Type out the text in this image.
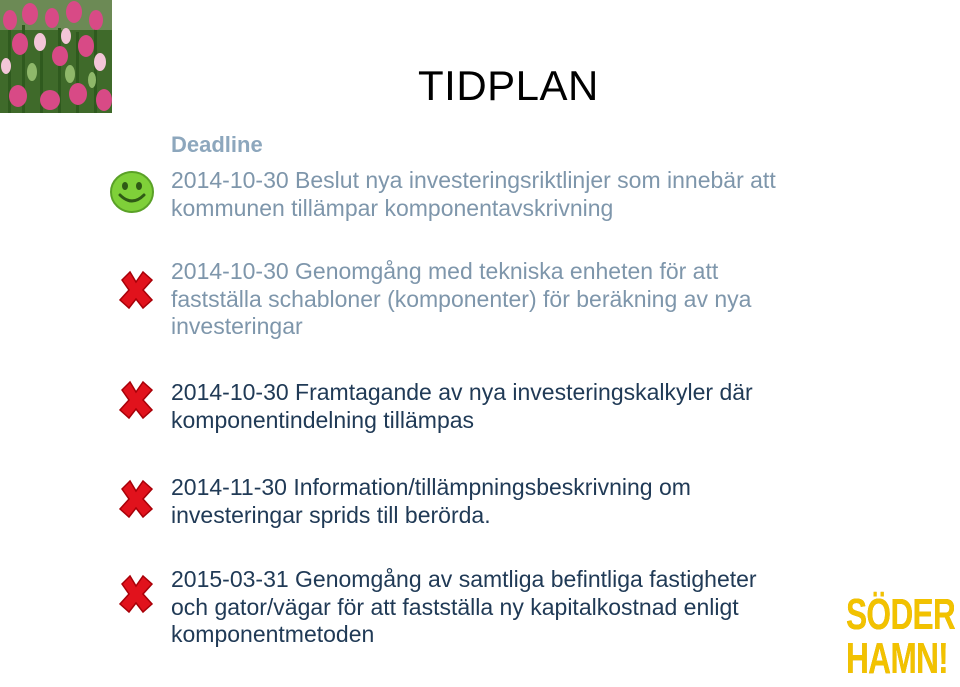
TIDPLAN
Deadline
2014-10-30 Beslut nya investeringsriktlinjer som innebär att
kommunen tillämpar komponentavskrivning
2014-10-30 Genomgång med tekniska enheten för att
fastställa schabloner (komponenter) för beräkning av nya
investeringar
2014-10-30 Framtagande av nya investeringskalkyler där
komponentindelning tillämpas
2014-11-30 Information/tillämpningsbeskrivning om
investeringar sprids till berörda.
2015-03-31 Genomgång av samtliga befintliga fastigheter
och gator/vägar för att fastställa ny kapitalkostnad enligt
komponentmetoden	SÖDER
HAMN!
